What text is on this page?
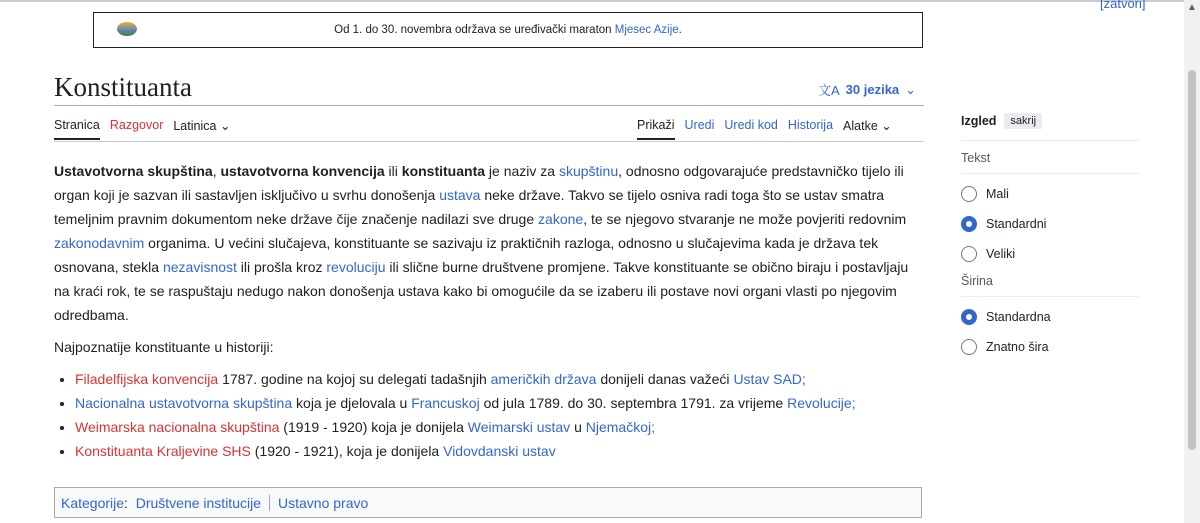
[zatvori]
Od 1. do 30. novembra održava se uređivački maraton Mjesec Azije.
Konstituanta	文A 30 jezika ⌄
Stranica Razgovor Latinica ⌄	Prikaži Uredi Uredi kod Historija Alatke ⌄

Ustavotvorna skupština, ustavotvorna konvencija ili konstituanta je naziv za skupštinu, odnosno odgovarajuće predstavničko tijelo ili organ koji je sazvan ili sastavljen isključivo u svrhu donošenja ustava neke države. Takvo se tijelo osniva radi toga što se ustav smatra temeljnim pravnim dokumentom neke države čije značenje nadilazi sve druge zakone, te se njegovo stvaranje ne može povjeriti redovnim zakonodavnim organima. U većini slučajeva, konstituante se sazivaju iz praktičnih razloga, odnosno u slučajevima kada je država tek osnovana, stekla nezavisnost ili prošla kroz revoluciju ili slične burne društvene promjene. Takve konstituante se obično biraju i postavljaju na kraći rok, te se raspuštaju nedugo nakon donošenja ustava kako bi omogućile da se izaberu ili postave novi organi vlasti po njegovim odredbama.

Najpoznatije konstituante u historiji:

• Filadelfijska konvencija 1787. godine na kojoj su delegati tadašnjih američkih država donijeli danas važeći Ustav SAD;
• Nacionalna ustavotvorna skupština koja je djelovala u Francuskoj od jula 1789. do 30. septembra 1791. za vrijeme Revolucije;
• Weimarska nacionalna skupština (1919 - 1920) koja je donijela Weimarski ustav u Njemačkoj;
• Konstituanta Kraljevine SHS (1920 - 1921), koja je donijela Vidovdanski ustav
Kategorije : Društvene institucije Ustavno pravo
Izgled	sakrij
Tekst
Mali
Standardni
Veliki
Širina
Standardna
Znatno šira
▲
